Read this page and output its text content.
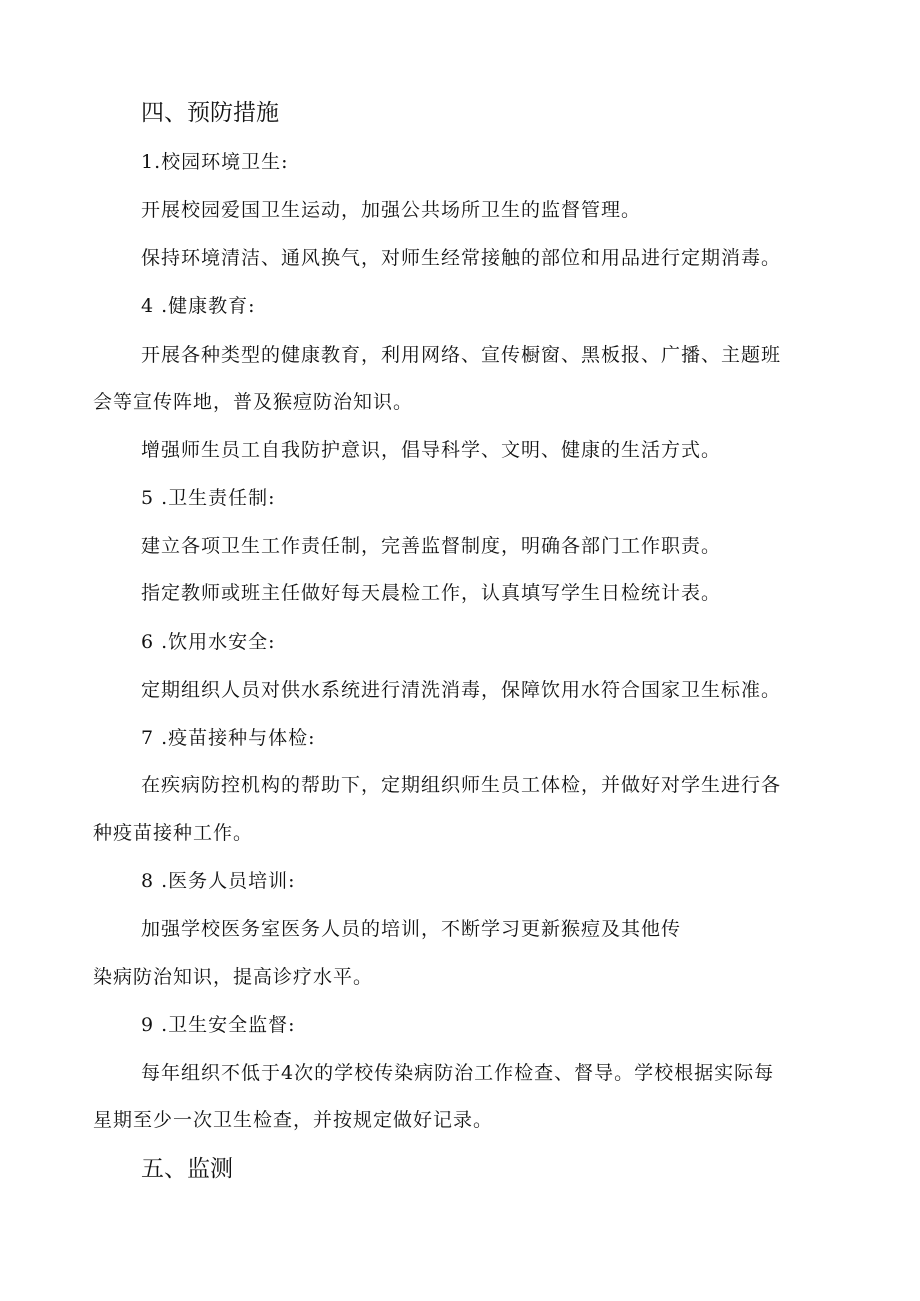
四、预防措施

1.校园环境卫生:

开展校园爱国卫生运动，加强公共场所卫生的监督管理。

保持环境清洁、通风换气，对师生经常接触的部位和用品进行定期消毒。

4 .健康教育:

开展各种类型的健康教育，利用网络、宣传橱窗、黑板报、广播、主题班

会等宣传阵地，普及猴痘防治知识。

增强师生员工自我防护意识，倡导科学、文明、健康的生活方式。

5 .卫生责任制:

建立各项卫生工作责任制，完善监督制度，明确各部门工作职责。

指定教师或班主任做好每天晨检工作，认真填写学生日检统计表。

6 .饮用水安全:

定期组织人员对供水系统进行清洗消毒，保障饮用水符合国家卫生标准。

7 .疫苗接种与体检:

在疾病防控机构的帮助下，定期组织师生员工体检，并做好对学生进行各

种疫苗接种工作。

8 .医务人员培训:

加强学校医务室医务人员的培训，不断学习更新猴痘及其他传

染病防治知识，提高诊疗水平。

9 .卫生安全监督:

每年组织不低于4次的学校传染病防治工作检查、督导。学校根据实际每

星期至少一次卫生检查，并按规定做好记录。

五、监测
